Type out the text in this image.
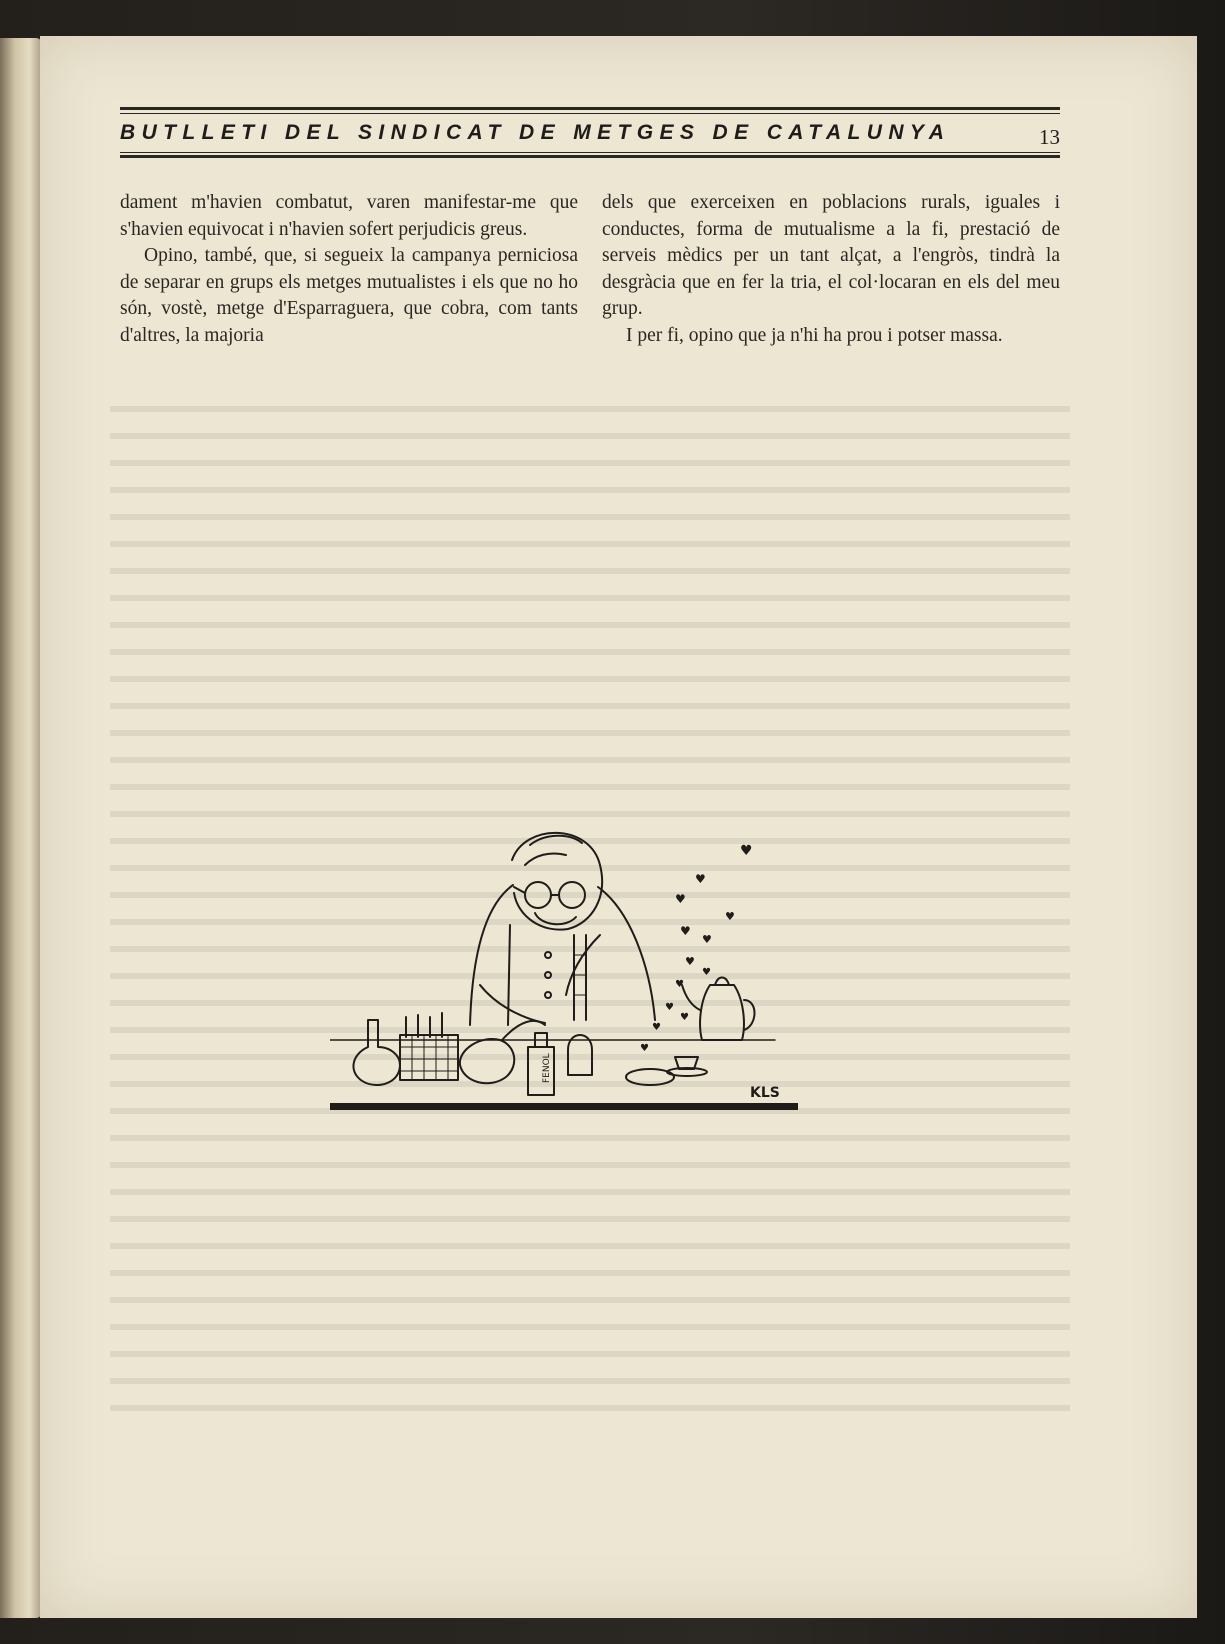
BUTLLETI DEL SINDICAT DE METGES DE CATALUNYA	13

dament m'havien combatut, varen manifestar-me que s'havien equivocat i n'havien sofert perjudicis greus.

Opino, també, que, si segueix la campanya perniciosa de separar en grups els metges mutualistes i els que no ho són, vostè, metge d'Esparraguera, que cobra, com tants d'altres, la majoria

dels que exerceixen en poblacions rurals, iguales i conductes, forma de mutualisme a la fi, prestació de serveis mèdics per un tant alçat, a l'engròs, tindrà la desgràcia que en fer la tria, el col·locaran en els del meu grup.

I per fi, opino que ja n'hi ha prou i potser massa.

♥
♥
♥
♥
♥
♥
♥
♥
♥
♥
♥
♥
♥
FENOL
KLS
